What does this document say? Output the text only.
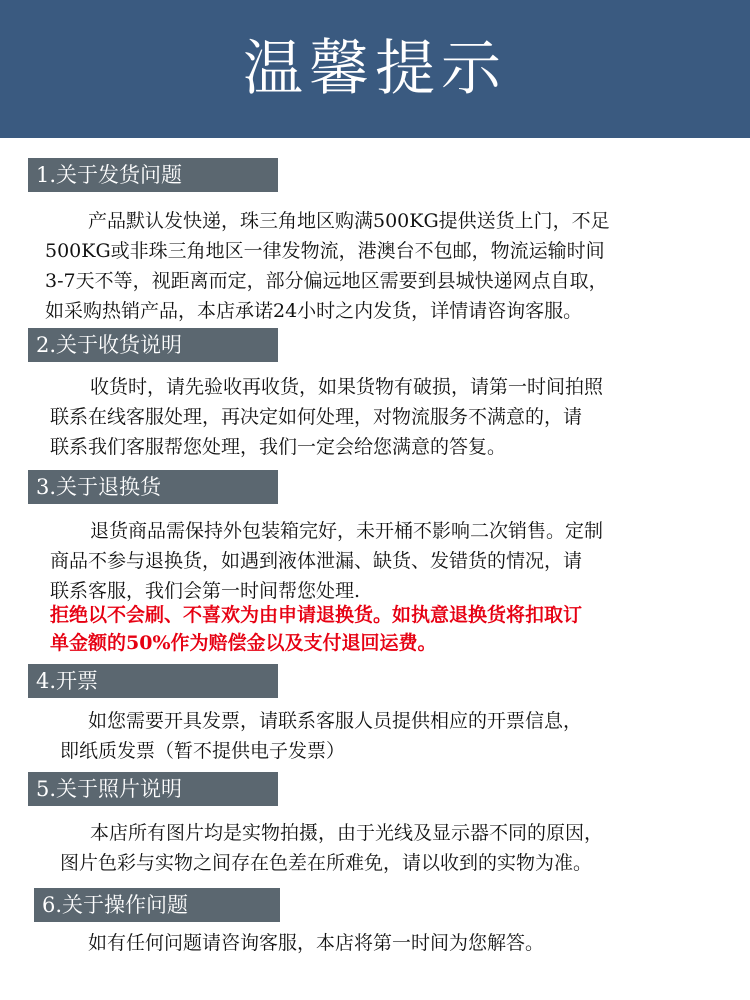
温馨提示
1.关于发货问题
产品默认发快递，珠三角地区购满500KG提供送货上门，不足
500KG或非珠三角地区一律发物流，港澳台不包邮，物流运输时间
3-7天不等，视距离而定，部分偏远地区需要到县城快递网点自取，
如采购热销产品，本店承诺24小时之内发货，详情请咨询客服。
2.关于收货说明
收货时，请先验收再收货，如果货物有破损，请第一时间拍照
联系在线客服处理，再决定如何处理，对物流服务不满意的，请
联系我们客服帮您处理，我们一定会给您满意的答复。
3.关于退换货
退货商品需保持外包装箱完好，未开桶不影响二次销售。定制
商品不参与退换货，如遇到液体泄漏、缺货、发错货的情况，请
联系客服，我们会第一时间帮您处理.
拒绝以不会刷、不喜欢为由申请退换货。如执意退换货将扣取订
单金额的50%作为赔偿金以及支付退回运费。
4.开票
如您需要开具发票，请联系客服人员提供相应的开票信息，
即纸质发票（暂不提供电子发票）
5.关于照片说明
本店所有图片均是实物拍摄，由于光线及显示器不同的原因，
图片色彩与实物之间存在色差在所难免，请以收到的实物为准。
6.关于操作问题
如有任何问题请咨询客服，本店将第一时间为您解答。
